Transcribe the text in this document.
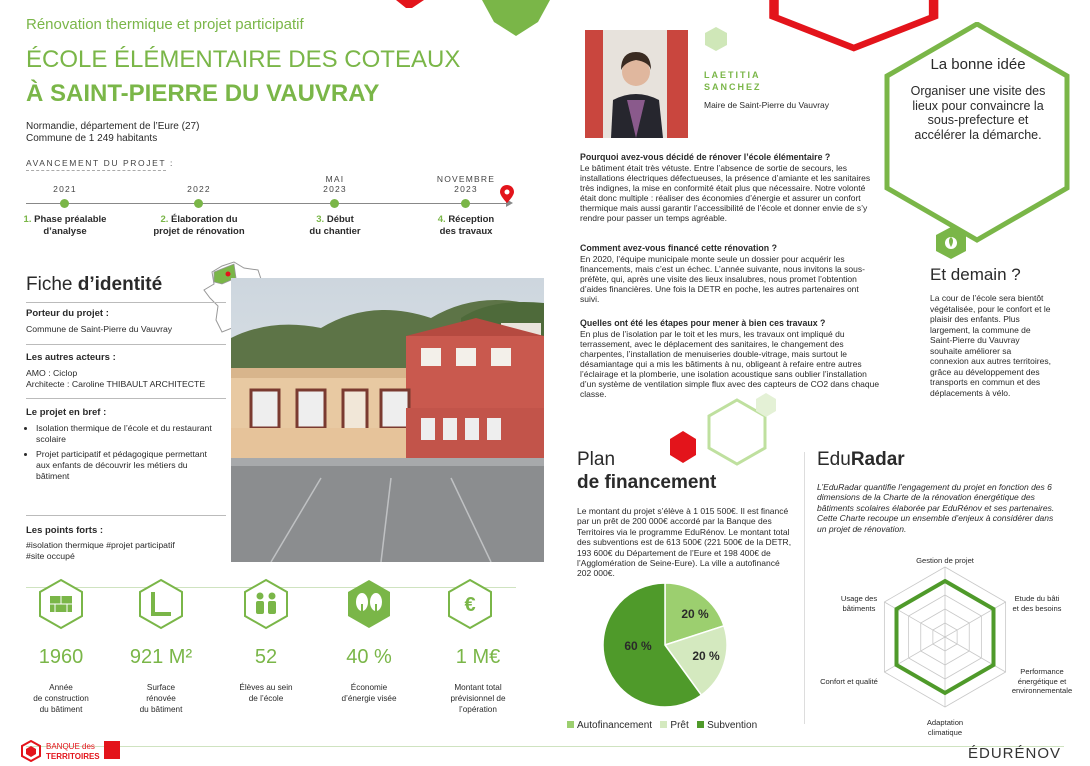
Rénovation thermique et projet participatif
ÉCOLE ÉLÉMENTAIRE DES COTEAUX
À SAINT-PIERRE DU VAUVRAY
Normandie, département de l’Eure (27)
Commune de 1 249 habitants
AVANCEMENT DU PROJET :
2021
1. Phase préalable
d’analyse
2022
2. Élaboration du
projet de rénovation
MAI
2023
3. Début
du chantier
NOVEMBRE
2023
4. Réception
des travaux
Fiche d’identité
Porteur du projet :
Commune de Saint-Pierre du Vauvray
Les autres acteurs :
AMO : Ciclop
Architecte : Caroline THIBAULT ARCHITECTE
Le projet en bref :
• Isolation thermique de l’école et du restaurant scolaire
• Projet participatif et pédagogique permettant aux enfants de découvrir les métiers du bâtiment
Les points forts :
#isolation thermique #projet participatif
#site occupé
€
1960
Année
de construction
du bâtiment
921 M²
Surface
rénovée
du bâtiment
52
Élèves au sein
de l’école
40 %
Économie
d’énergie visée
1 M€
Montant total
prévisionnel de
l’opération
LAETITIA
SANCHEZ
Maire de Saint-Pierre du Vauvray
Pourquoi avez-vous décidé de rénover l’école élémentaire ?
Le bâtiment était très vétuste. Entre l’absence de sortie de secours, les installations électriques défectueuses, la présence d’amiante et les sanitaires très indignes, la mise en conformité était plus que nécessaire. Notre volonté était donc multiple : réaliser des économies d’énergie et assurer un confort thermique mais aussi garantir l’accessibilité de l’école et donner envie de s’y rendre pour passer un temps agréable.
Comment avez-vous financé cette rénovation ?
En 2020, l’équipe municipale monte seule un dossier pour acquérir les financements, mais c’est un échec. L’année suivante, nous invitons la sous-préfète, qui, après une visite des lieux insalubres, nous promet l’obtention d’aides financières. Une fois la DETR en poche, les autres partenaires ont suivi.
Quelles ont été les étapes pour mener à bien ces travaux ?
En plus de l’isolation par le toit et les murs, les travaux ont impliqué du terrassement, avec le déplacement des sanitaires, le changement des charpentes, l’installation de menuiseries double-vitrage, mais surtout le désamiantage qui a mis les bâtiments à nu, obligeant à refaire entre autres l’éclairage et la plomberie, une isolation acoustique sans oublier l’installation d’un système de ventilation simple flux avec des capteurs de CO2 dans chaque classe.
La bonne idée
Organiser une visite des lieux pour convaincre la sous-prefecture et accélérer la démarche.
Et demain ?
La cour de l’école sera bientôt végétalisée, pour le confort et le plaisir des enfants. Plus largement, la commune de Saint-Pierre du Vauvray souhaite améliorer sa connexion aux autres territoires, grâce au développement des transports en commun et des déplacements à vélo.
Plan
de financement
Le montant du projet s’élève à 1 015 500€. Il est financé par un prêt de 200 000€ accordé par la Banque des Territoires via le programme EduRénov. Le montant total des subventions est de 613 500€ (221 500€ de la DETR, 193 600€ du Département de l’Eure et 198 400€ de l’Agglomération de Seine-Eure). La ville a autofinancé 202 000€.
20 %
20 %
60 %
Autofinancement Prêt Subvention
EduRadar
L’EduRadar quantifie l’engagement du projet en fonction des 6 dimensions de la Charte de la rénovation énergétique des bâtiments scolaires élaborée par EduRénov et ses partenaires. Cette Charte recoupe un ensemble d’enjeux à considérer dans un projet de rénovation.
Gestion de projet
Etude du bâti
et des besoins
Performance
énergétique et
environnementale
Adaptation
climatique
Confort et qualité
Usage des
bâtiments
BANQUE des
TERRITOIRES	ÉDURÉNOV
